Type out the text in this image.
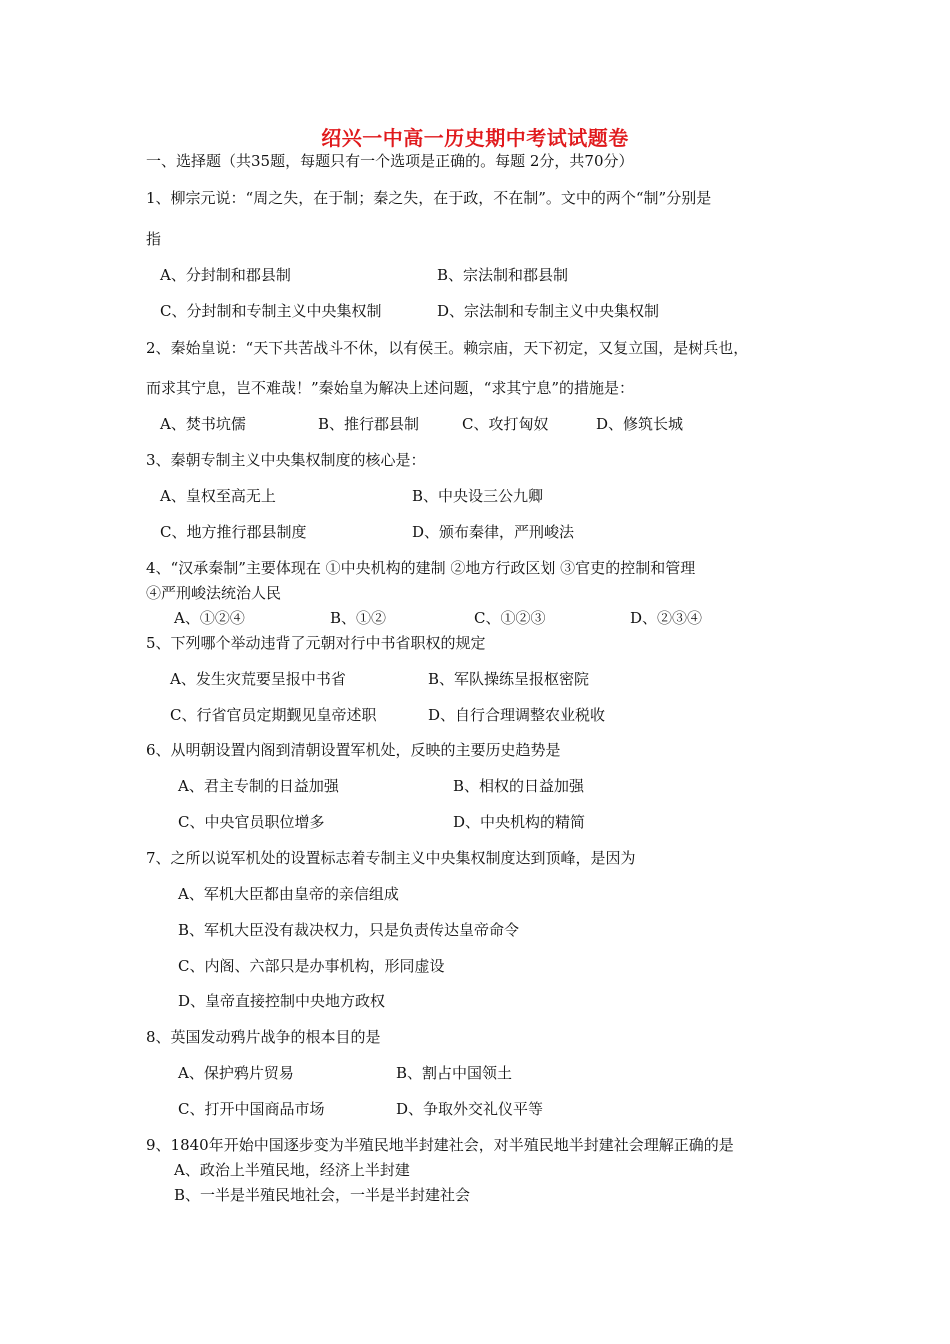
绍兴一中高一历史期中考试试题卷
一、选择题（共35题，每题只有一个选项是正确的。每题 2分，共70分）
1、柳宗元说：“周之失，在于制；秦之失，在于政，不在制”。文中的两个“制”分别是
指
A、分封制和郡县制	B、宗法制和郡县制
C、分封制和专制主义中央集权制	D、宗法制和专制主义中央集权制
2、秦始皇说：“天下共苦战斗不休，以有侯王。赖宗庙，天下初定，又复立国，是树兵也，
而求其宁息，岂不难哉！”秦始皇为解决上述问题，“求其宁息”的措施是：
A、焚书坑儒	B、推行郡县制	C、攻打匈奴	D、修筑长城
3、秦朝专制主义中央集权制度的核心是：
A、皇权至高无上	B、中央设三公九卿
C、地方推行郡县制度	D、颁布秦律，严刑峻法
4、“汉承秦制”主要体现在 ①中央机构的建制 ②地方行政区划 ③官吏的控制和管理
④严刑峻法统治人民
A、①②④	B、①②	C、①②③	D、②③④
5、下列哪个举动违背了元朝对行中书省职权的规定
A、发生灾荒要呈报中书省	B、军队操练呈报枢密院
C、行省官员定期觐见皇帝述职	D、自行合理调整农业税收
6、从明朝设置内阁到清朝设置军机处，反映的主要历史趋势是
A、君主专制的日益加强	B、相权的日益加强
C、中央官员职位增多	D、中央机构的精简
7、之所以说军机处的设置标志着专制主义中央集权制度达到顶峰，是因为
A、军机大臣都由皇帝的亲信组成
B、军机大臣没有裁决权力，只是负责传达皇帝命令
C、内阁、六部只是办事机构，形同虚设
D、皇帝直接控制中央地方政权
8、英国发动鸦片战争的根本目的是
A、保护鸦片贸易	B、割占中国领土
C、打开中国商品市场	D、争取外交礼仪平等
9、1840年开始中国逐步变为半殖民地半封建社会，对半殖民地半封建社会理解正确的是
A、政治上半殖民地，经济上半封建
B、一半是半殖民地社会，一半是半封建社会
